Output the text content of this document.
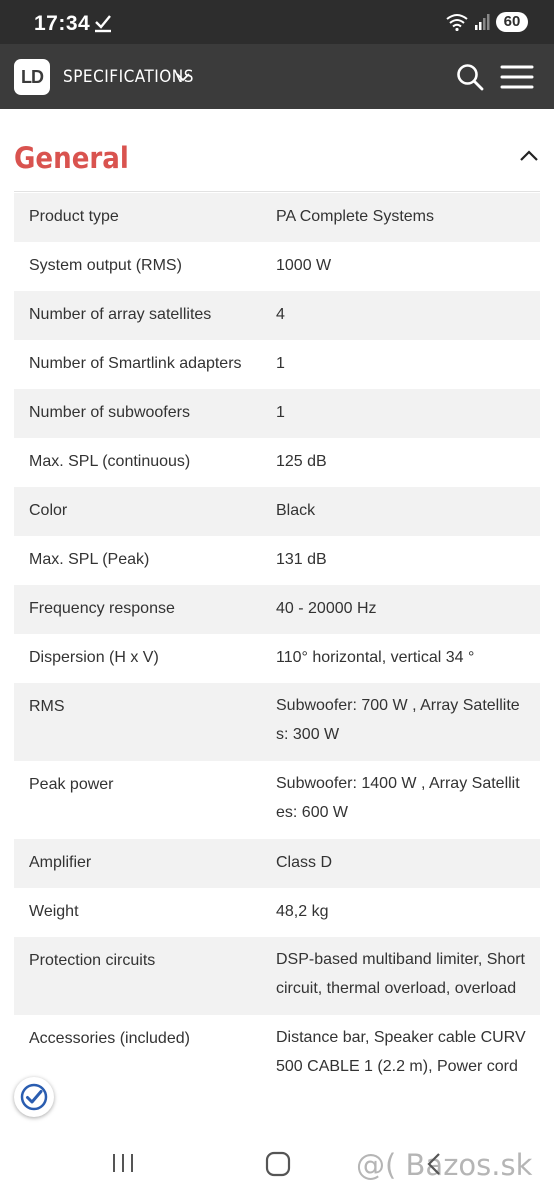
17:34	60
LD	SPECIFICATIONS
General
Product type	PA Complete Systems
System output (RMS)	1000 W
Number of array satellites	4
Number of Smartlink adapters	1
Number of subwoofers	1
Max. SPL (continuous)	125 dB
Color	Black
Max. SPL (Peak)	131 dB
Frequency response	40 - 20000 Hz
Dispersion (H x V)	110° horizontal, vertical 34 °
RMS	Subwoofer: 700 W , Array Satellites: 300 W
Peak power	Subwoofer: 1400 W , Array Satellites: 600 W
Amplifier	Class D
Weight	48,2 kg
Protection circuits	DSP-based multiband limiter, Short circuit, thermal overload, overload
Accessories (included)	Distance bar, Speaker cable CURV 500 CABLE 1 (2.2 m), Power cord
@( Bazos.sk
